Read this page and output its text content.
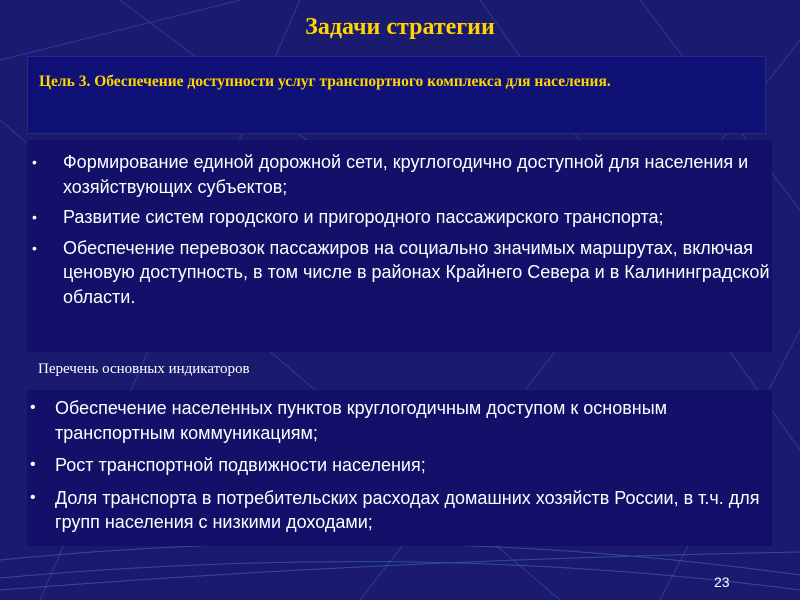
Задачи стратегии
Цель 3. Обеспечение доступности услуг транспортного комплекса для населения.
• Формирование единой дорожной сети, круглогодично доступной для населения и хозяйствующих субъектов;
• Развитие систем городского и пригородного пассажирского транспорта;
• Обеспечение перевозок пассажиров на социально значимых маршрутах, включая ценовую доступность, в том числе в районах Крайнего Севера и в Калининградской области.
Перечень основных индикаторов
• Обеспечение населенных пунктов круглогодичным доступом к основным транспортным коммуникациям;
• Рост транспортной подвижности населения;
• Доля транспорта в потребительских расходах домашних хозяйств России, в т.ч. для групп населения с низкими доходами;
23
